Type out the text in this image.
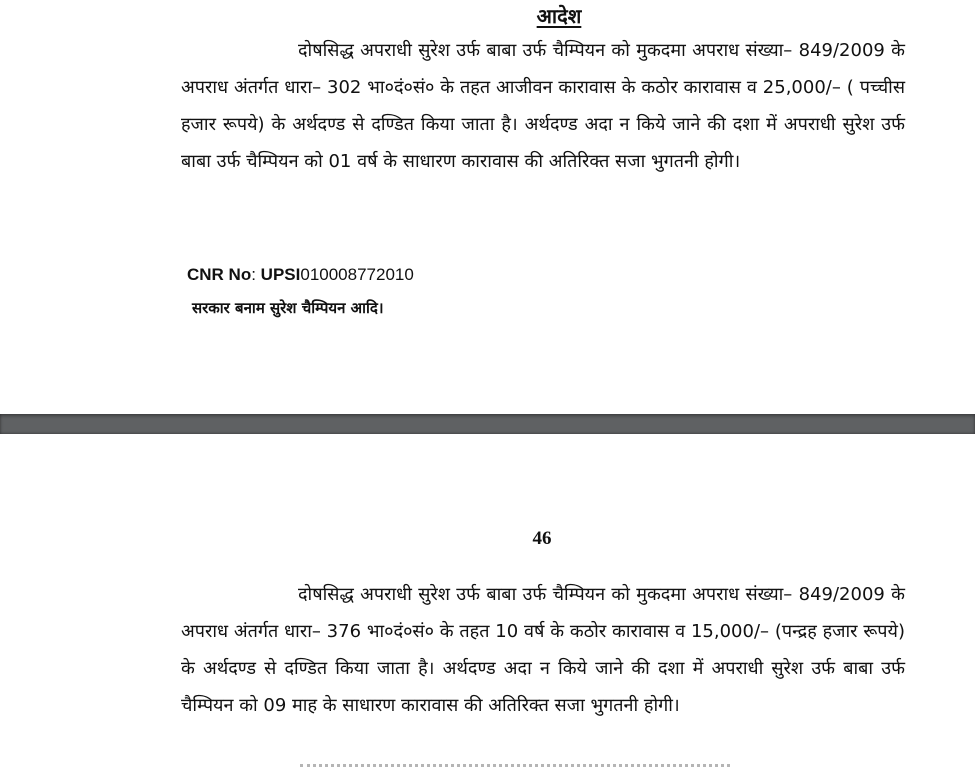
आदेश

दोषसिद्ध अपराधी सुरेश उर्फ बाबा उर्फ चैम्पियन को मुकदमा अपराध संख्या– 849/2009 के अपराध अंतर्गत धारा– 302 भा०दं०सं० के तहत आजीवन कारावास के कठोर कारावास व 25,000/– ( पच्चीस हजार रूपये) के अर्थदण्ड से दण्डित किया जाता है। अर्थदण्ड अदा न किये जाने की दशा में अपराधी सुरेश उर्फ बाबा उर्फ चैम्पियन को 01 वर्ष के साधारण कारावास की अतिरिक्त सजा भुगतनी होगी।

CNR No: UPSI010008772010
सरकार बनाम सुरेश चैम्पियन आदि।
46

दोषसिद्ध अपराधी सुरेश उर्फ बाबा उर्फ चैम्पियन को मुकदमा अपराध संख्या– 849/2009 के अपराध अंतर्गत धारा– 376 भा०दं०सं० के तहत 10 वर्ष के कठोर कारावास व 15,000/– (पन्द्रह हजार रूपये) के अर्थदण्ड से दण्डित किया जाता है। अर्थदण्ड अदा न किये जाने की दशा में अपराधी सुरेश उर्फ बाबा उर्फ चैम्पियन को 09 माह के साधारण कारावास की अतिरिक्त सजा भुगतनी होगी।
